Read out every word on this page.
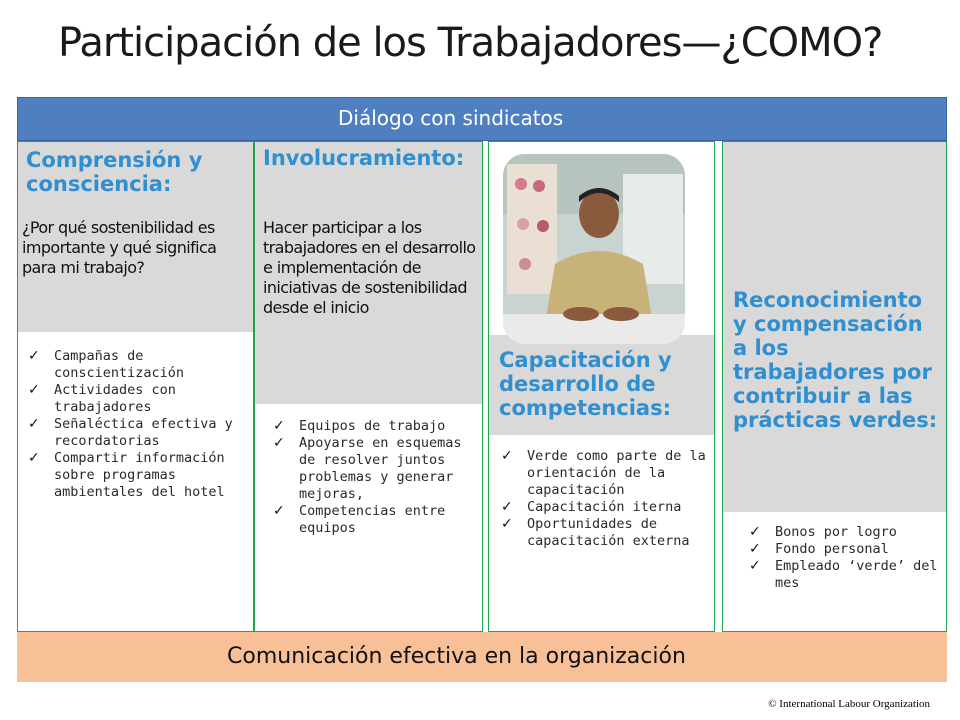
Participación de los Trabajadores—¿COMO?
Comprensión y consciencia:
¿Por qué sostenibilidad es importante y qué significa para mi trabajo?
✓ Campañas de conscientización
✓ Actividades con trabajadores
✓ Señaléctica efectiva y recordatorias
✓ Compartir información sobre programas ambientales del hotel
Involucramiento:
Hacer participar a los trabajadores en el desarrollo e implementación de iniciativas de sostenibilidad desde el inicio
✓ Equipos de trabajo
✓ Apoyarse en esquemas de resolver juntos problemas y generar mejoras,
✓ Competencias entre equipos
Capacitación y desarrollo de competencias:
✓ Verde como parte de la orientación de la capacitación
✓ Capacitación iterna
✓ Oportunidades de capacitación externa
Reconocimiento y compensación a los trabajadores por contribuir a las prácticas verdes:
✓ Bonos por logro
✓ Fondo personal
✓ Empleado ‘verde’ del mes
Diálogo con sindicatos
Comunicación efectiva en la organización
© International Labour Organization
